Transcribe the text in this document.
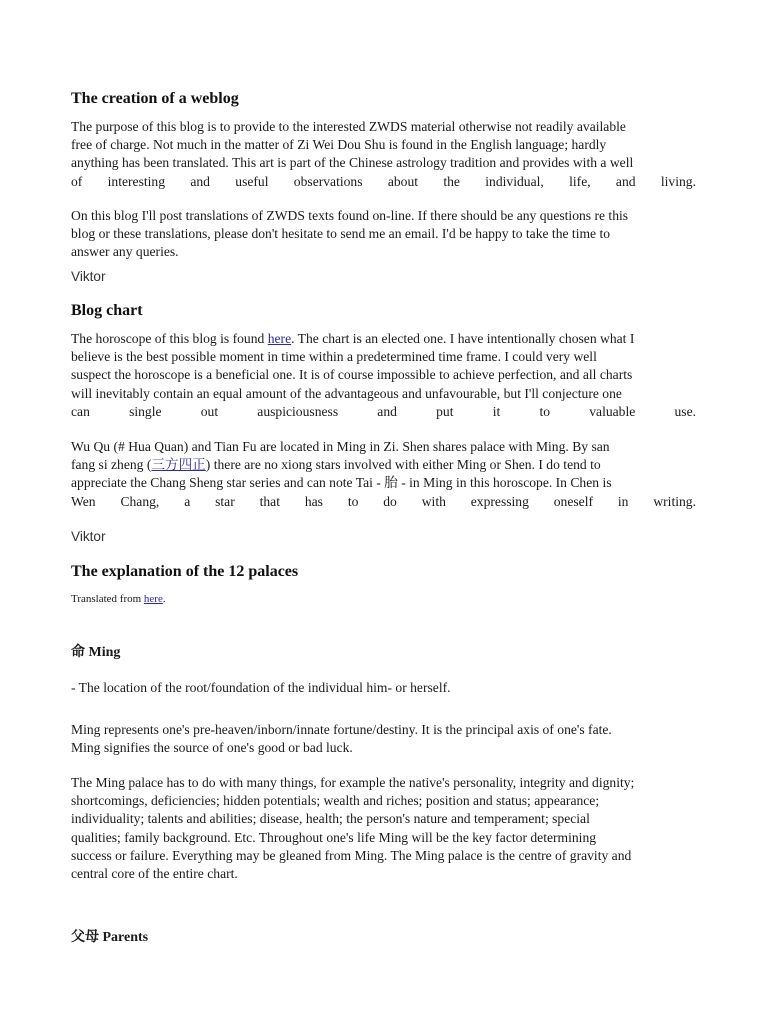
The creation of a weblog
The purpose of this blog is to provide to the interested ZWDS material otherwise not readily available
free of charge. Not much in the matter of Zi Wei Dou Shu is found in the English language; hardly
anything has been translated. This art is part of the Chinese astrology tradition and provides with a well
of interesting and useful observations about the individual, life, and living.
On this blog I'll post translations of ZWDS texts found on-line. If there should be any questions re this
blog or these translations, please don't hesitate to send me an email. I'd be happy to take the time to
answer any queries.
Viktor
Blog chart
The horoscope of this blog is found here. The chart is an elected one. I have intentionally chosen what I
believe is the best possible moment in time within a predetermined time frame. I could very well
suspect the horoscope is a beneficial one. It is of course impossible to achieve perfection, and all charts
will inevitably contain an equal amount of the advantageous and unfavourable, but I'll conjecture one
can single out auspiciousness and put it to valuable use.
Wu Qu (# Hua Quan) and Tian Fu are located in Ming in Zi. Shen shares palace with Ming. By san
fang si zheng (三方四正) there are no xiong stars involved with either Ming or Shen. I do tend to
appreciate the Chang Sheng star series and can note Tai - 胎 - in Ming in this horoscope. In Chen is
Wen Chang, a star that has to do with expressing oneself in writing.
Viktor
The explanation of the 12 palaces
Translated from here.
命 Ming
- The location of the root/foundation of the individual him- or herself.
Ming represents one's pre-heaven/inborn/innate fortune/destiny. It is the principal axis of one's fate.
Ming signifies the source of one's good or bad luck.
The Ming palace has to do with many things, for example the native's personality, integrity and dignity;
shortcomings, deficiencies; hidden potentials; wealth and riches; position and status; appearance;
individuality; talents and abilities; disease, health; the person's nature and temperament; special
qualities; family background. Etc. Throughout one's life Ming will be the key factor determining
success or failure. Everything may be gleaned from Ming. The Ming palace is the centre of gravity and
central core of the entire chart.
父母 Parents
